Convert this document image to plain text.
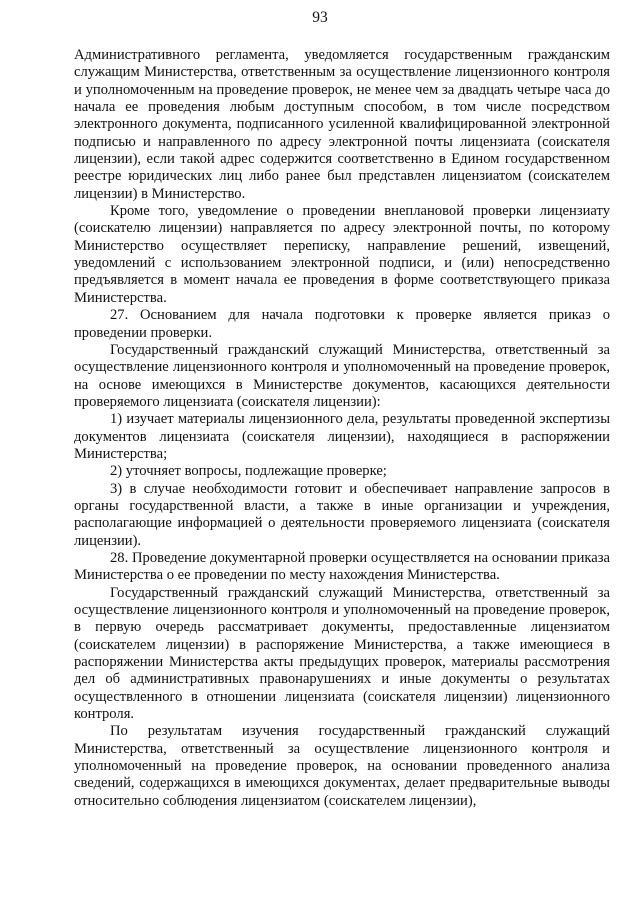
93

Административного регламента, уведомляется государственным гражданским служащим Министерства, ответственным за осуществление лицензионного контроля и уполномоченным на проведение проверок, не менее чем за двадцать четыре часа до начала ее проведения любым доступным способом, в том числе посредством электронного документа, подписанного усиленной квалифицированной электронной подписью и направленного по адресу электронной почты лицензиата (соискателя лицензии), если такой адрес содержится соответственно в Едином государственном реестре юридических лиц либо ранее был представлен лицензиатом (соискателем лицензии) в Министерство.

Кроме того, уведомление о проведении внеплановой проверки лицензиату (соискателю лицензии) направляется по адресу электронной почты, по которому Министерство осуществляет переписку, направление решений, извещений, уведомлений с использованием электронной подписи, и (или) непосредственно предъявляется в момент начала ее проведения в форме соответствующего приказа Министерства.

27. Основанием для начала подготовки к проверке является приказ о проведении проверки.

Государственный гражданский служащий Министерства, ответственный за осуществление лицензионного контроля и уполномоченный на проведение проверок, на основе имеющихся в Министерстве документов, касающихся деятельности проверяемого лицензиата (соискателя лицензии):

1) изучает материалы лицензионного дела, результаты проведенной экспертизы документов лицензиата (соискателя лицензии), находящиеся в распоряжении Министерства;

2) уточняет вопросы, подлежащие проверке;

3) в случае необходимости готовит и обеспечивает направление запросов в органы государственной власти, а также в иные организации и учреждения, располагающие информацией о деятельности проверяемого лицензиата (соискателя лицензии).

28. Проведение документарной проверки осуществляется на основании приказа Министерства о ее проведении по месту нахождения Министерства.

Государственный гражданский служащий Министерства, ответственный за осуществление лицензионного контроля и уполномоченный на проведение проверок, в первую очередь рассматривает документы, предоставленные лицензиатом (соискателем лицензии) в распоряжение Министерства, а также имеющиеся в распоряжении Министерства акты предыдущих проверок, материалы рассмотрения дел об административных правонарушениях и иные документы о результатах осуществленного в отношении лицензиата (соискателя лицензии) лицензионного контроля.

По результатам изучения государственный гражданский служащий Министерства, ответственный за осуществление лицензионного контроля и уполномоченный на проведение проверок, на основании проведенного анализа сведений, содержащихся в имеющихся документах, делает предварительные выводы относительно соблюдения лицензиатом (соискателем лицензии),
